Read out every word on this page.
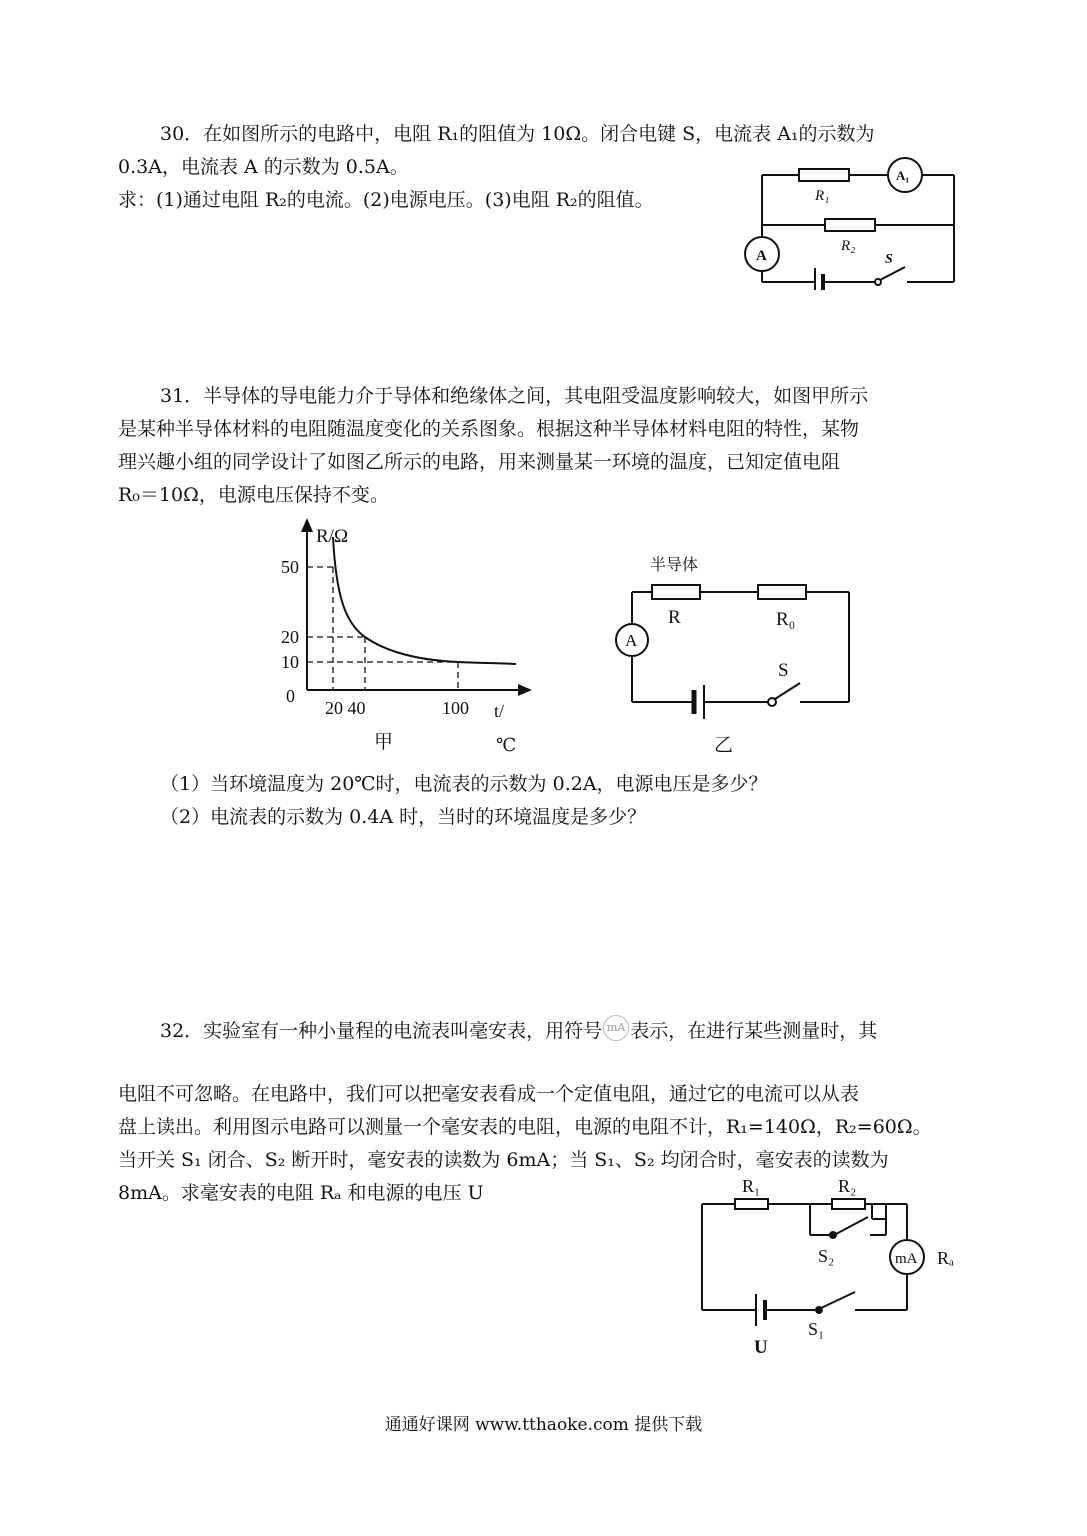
30．在如图所示的电路中，电阻 R₁的阻值为 10Ω。闭合电键 S，电流表 A₁的示数为
0.3A，电流表 A 的示数为 0.5A。
求：(1)通过电阻 R₂的电流。(2)电源电压。(3)电阻 R₂的阻值。	R₁
A₁
R₂
A	S
31．半导体的导电能力介于导体和绝缘体之间，其电阻受温度影响较大，如图甲所示
是某种半导体材料的电阻随温度变化的关系图象。根据这种半导体材料电阻的特性，某物
理兴趣小组的同学设计了如图乙所示的电路，用来测量某一环境的温度，已知定值电阻
R₀＝10Ω，电源电压保持不变。
R/Ω
50
20
10
0
20 40	100 t/
甲	℃
半导体
R	R₀
A
S
乙
（1）当环境温度为 20℃时，电流表的示数为 0.2A，电源电压是多少？
（2）电流表的示数为 0.4A 时，当时的环境温度是多少？
32．实验室有一种小量程的电流表叫毫安表，用符号 mA 表示，在进行某些测量时，其
电阻不可忽略。在电路中，我们可以把毫安表看成一个定值电阻，通过它的电流可以从表
盘上读出。利用图示电路可以测量一个毫安表的电阻，电源的电阻不计，R₁=140Ω，R₂=60Ω。
当开关 S₁ 闭合、S₂ 断开时，毫安表的读数为 6mA；当 S₁、S₂ 均闭合时，毫安表的读数为
8mA。求毫安表的电阻 Rₐ 和电源的电压 U	R₁	R₂
S₂	mA Rₐ
S₁
U
通通好课网 www.tthaoke.com 提供下载
